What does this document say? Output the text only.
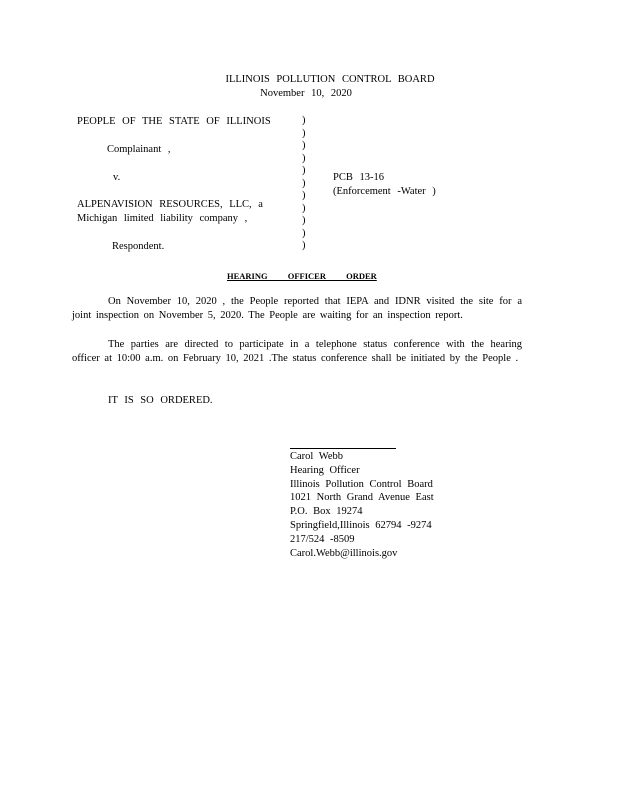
ILLINOIS POLLUTION CONTROL BOARD
November 10, 2020
PEOPLE OF THE STATE OF ILLINOIS
Complainant ,
v.
ALPENAVISION RESOURCES, LLC, a
Michigan limited liability company ,
Respondent.
)
)
)
)
)
)
)
)
)
)
)
PCB 13-16
(Enforcement -Water )
HEARING OFFICER ORDER
On November 10, 2020 , the People reported that IEPA and IDNR visited the site for a joint inspection on November 5, 2020. The People are waiting for an inspection report.
The parties are directed to participate in a telephone status conference with the hearing officer at 10:00 a.m. on February 10, 2021 .The status conference shall be initiated by the People .
IT IS SO ORDERED.
Carol Webb
Hearing Officer
Illinois Pollution Control Board
1021 North Grand Avenue East
P.O. Box 19274
Springfield,Illinois 62794 -9274
217/524 -8509
Carol.Webb@illinois.gov
